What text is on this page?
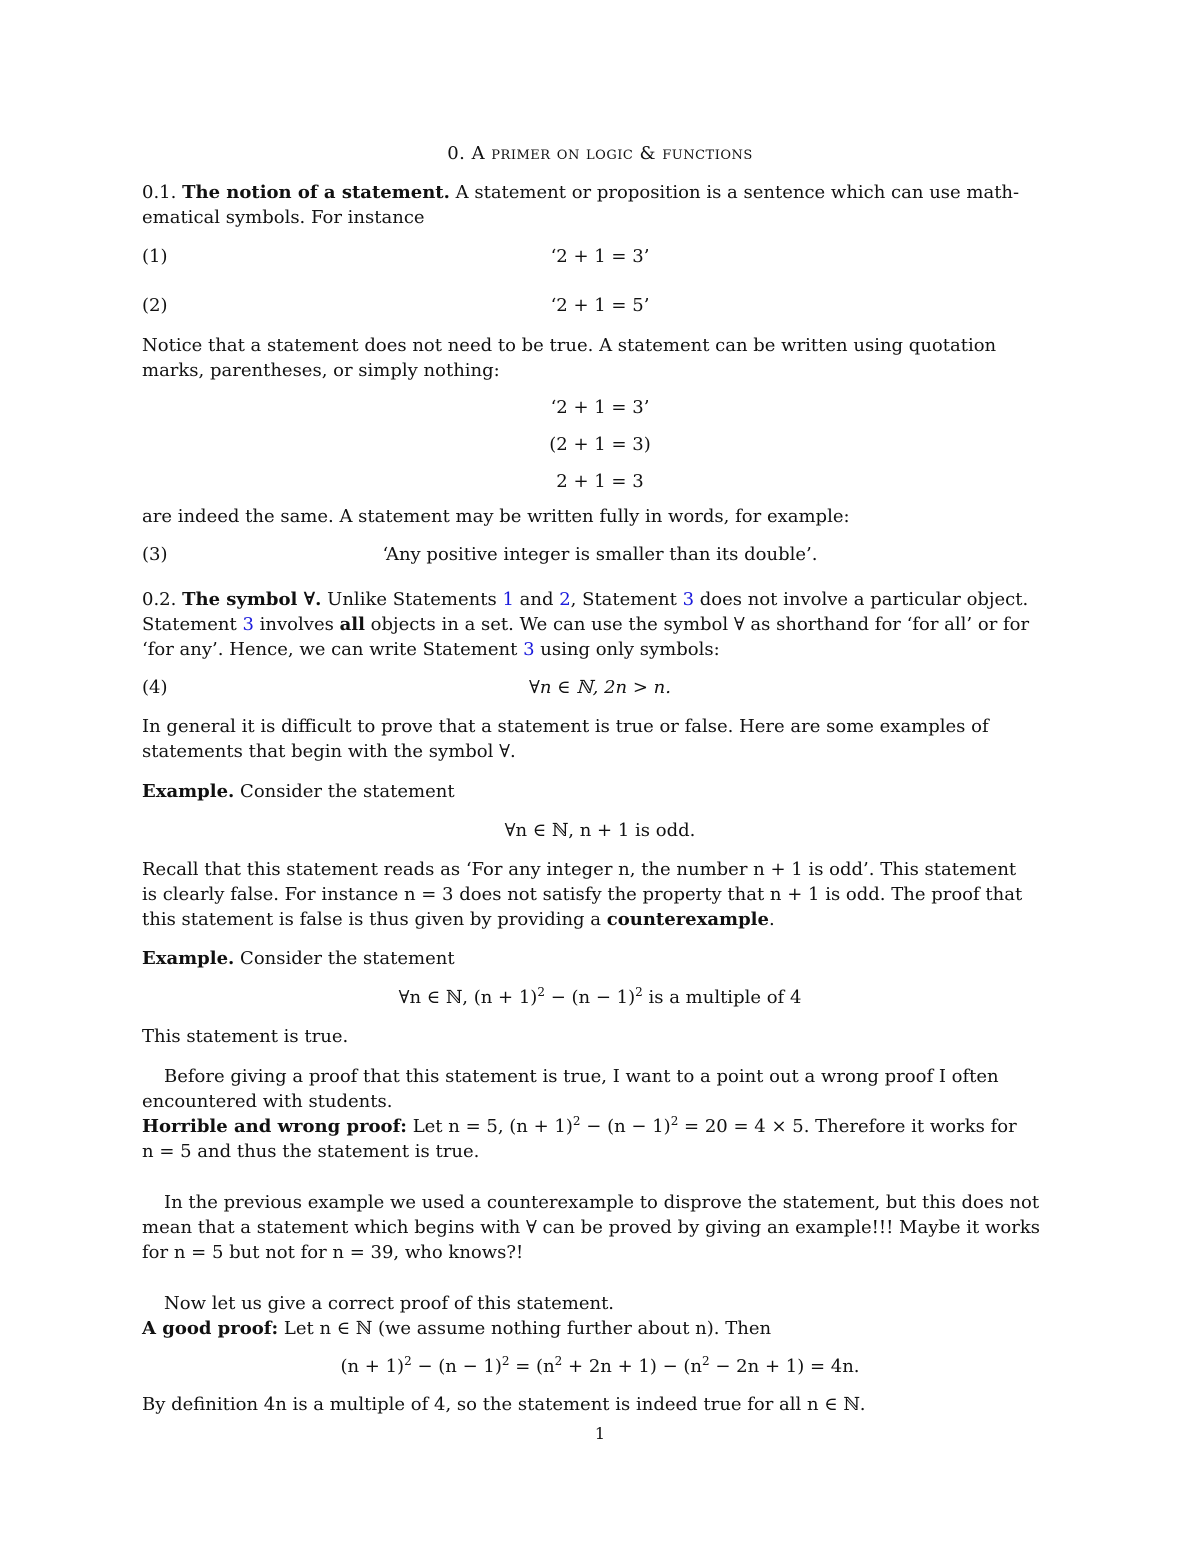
0. A primer on logic & functions

0.1. The notion of a statement. A statement or proposition is a sentence which can use math-

ematical symbols. For instance

(1)	‘2 + 1 = 3’
(2)	‘2 + 1 = 5’

Notice that a statement does not need to be true. A statement can be written using quotation

marks, parentheses, or simply nothing:

‘2 + 1 = 3’

(2 + 1 = 3)

2 + 1 = 3

are indeed the same. A statement may be written fully in words, for example:

(3)	‘Any positive integer is smaller than its double’.

0.2. The symbol ∀. Unlike Statements 1 and 2, Statement 3 does not involve a particular object.

Statement 3 involves all objects in a set. We can use the symbol ∀ as shorthand for ‘for all’ or for

‘for any’. Hence, we can write Statement 3 using only symbols:

(4)	∀n ∈ ℕ, 2n > n.

In general it is difficult to prove that a statement is true or false. Here are some examples of

statements that begin with the symbol ∀.

Example. Consider the statement

∀n ∈ ℕ, n + 1 is odd.

Recall that this statement reads as ‘For any integer n, the number n + 1 is odd’. This statement

is clearly false. For instance n = 3 does not satisfy the property that n + 1 is odd. The proof that

this statement is false is thus given by providing a counterexample.

Example. Consider the statement

∀n ∈ ℕ, $(n + 1)^2 - (n - 1)^2$ is a multiple of 4

This statement is true.

Before giving a proof that this statement is true, I want to a point out a wrong proof I often

encountered with students.

Horrible and wrong proof: Let n = 5, $(n + 1)^2 - (n - 1)^2 = 20 = 4 \times 5$. Therefore it works for

n = 5 and thus the statement is true.

In the previous example we used a counterexample to disprove the statement, but this does not

mean that a statement which begins with ∀ can be proved by giving an example!!! Maybe it works

for n = 5 but not for n = 39, who knows?!

Now let us give a correct proof of this statement.

A good proof: Let n ∈ ℕ (we assume nothing further about n). Then

$(n + 1)^2 - (n - 1)^2 = (n^2 + 2n + 1) - (n^2 - 2n + 1) = 4n$.

By definition 4n is a multiple of 4, so the statement is indeed true for all n ∈ ℕ.

1
